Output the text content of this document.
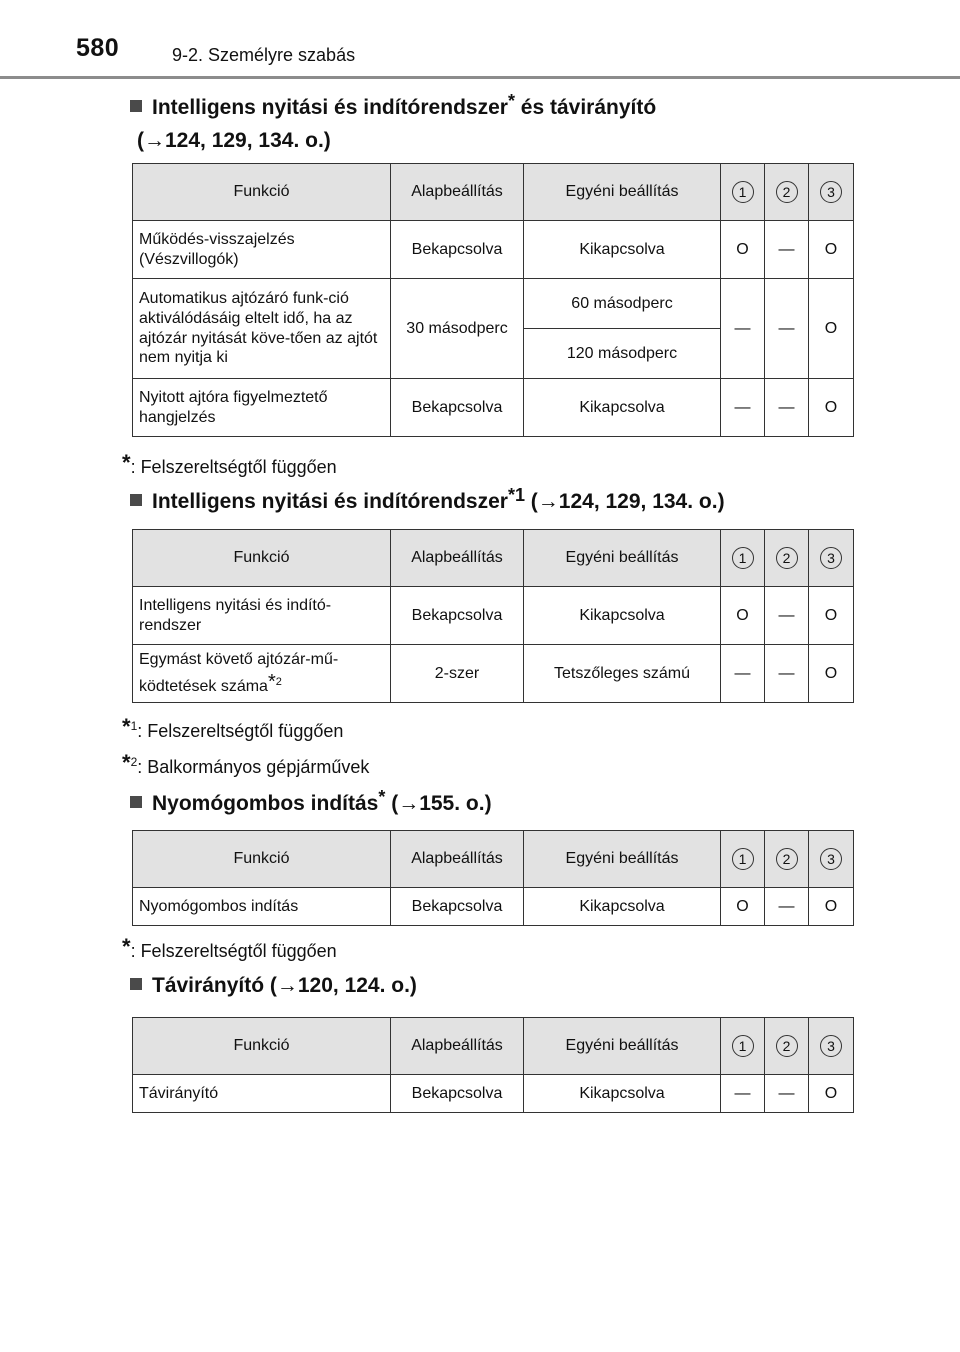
580	9-2. Személyre szabás
Intelligens nyitási és indítórendszer* és távirányító
(→124, 129, 134. o.)
Funkció	Alapbeállítás	Egyéni beállítás	1	2	3
Működés-visszajelzés (Vészvillogók)	Bekapcsolva	Kikapcsolva	O	—	O
Automatikus ajtózáró funk-ció aktiválódásáig eltelt idő, ha az ajtózár nyitását köve-tően az ajtót nem nyitja ki	30 másodperc	60 másodperc	—	—	O
		120 másodperc			
Nyitott ajtóra figyelmeztető hangjelzés	Bekapcsolva	Kikapcsolva	—	—	O
*: Felszereltségtől függően
Intelligens nyitási és indítórendszer*1 (→124, 129, 134. o.)
Funkció	Alapbeállítás	Egyéni beállítás	1	2	3
Intelligens nyitási és indító-rendszer	Bekapcsolva	Kikapcsolva	O	—	O
Egymást követő ajtózár-mű-ködtetések száma*$^2$	2-szer	Tetszőleges számú	—	—	O
*$^1$: Felszereltségtől függően
*$^2$: Balkormányos gépjárművek
Nyomógombos indítás* (→155. o.)
Funkció	Alapbeállítás	Egyéni beállítás	1	2	3
Nyomógombos indítás	Bekapcsolva	Kikapcsolva	O	—	O
*: Felszereltségtől függően
Távirányító (→120, 124. o.)
Funkció	Alapbeállítás	Egyéni beállítás	1	2	3
Távirányító	Bekapcsolva	Kikapcsolva	—	—	O
